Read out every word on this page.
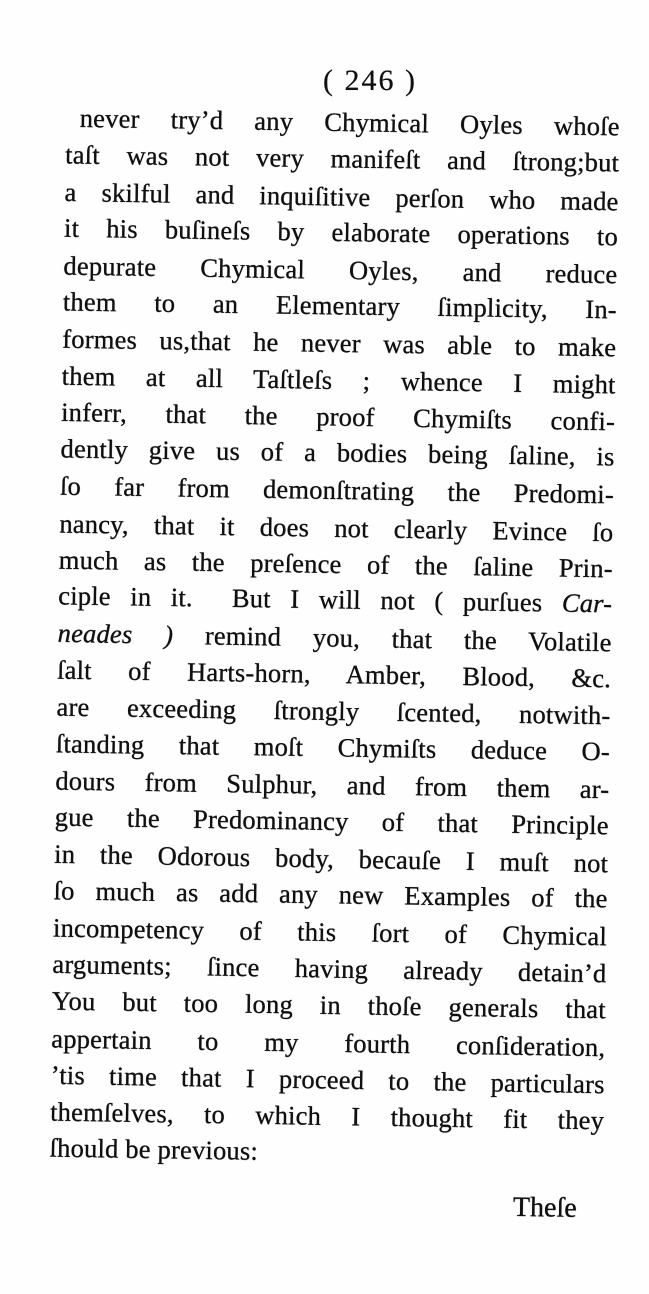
( 246 )
never try’d any Chymical Oyles whoſe
taſt was not very manifeſt and ſtrong;but
a skilful and inquiſitive perſon who made
it his buſineſs by elaborate operations to
depurate Chymical Oyles, and reduce
them to an Elementary ſimplicity, In-
formes us,that he never was able to make
them at all Taſtleſs ; whence I might
inferr, that the proof Chymiſts confi-
dently give us of a bodies being ſaline, is
ſo far from demonſtrating the Predomi-
nancy, that it does not clearly Evince ſo
much as the preſence of the ſaline Prin-
ciple in it.  But I will not ( purſues Car-
neades ) remind you, that the Volatile
ſalt of Harts-horn, Amber, Blood, &c.
are exceeding ſtrongly ſcented, notwith-
ſtanding that moſt Chymiſts deduce O-
dours from Sulphur, and from them ar-
gue the Predominancy of that Principle
in the Odorous body, becauſe I muſt not
ſo much as add any new Examples of the
incompetency of this ſort of Chymical
arguments; ſince having already detain’d
You but too long in thoſe generals that
appertain to my fourth conſideration,
’tis time that I proceed to the particulars
themſelves, to which I thought fit they
ſhould be previous:
Theſe
